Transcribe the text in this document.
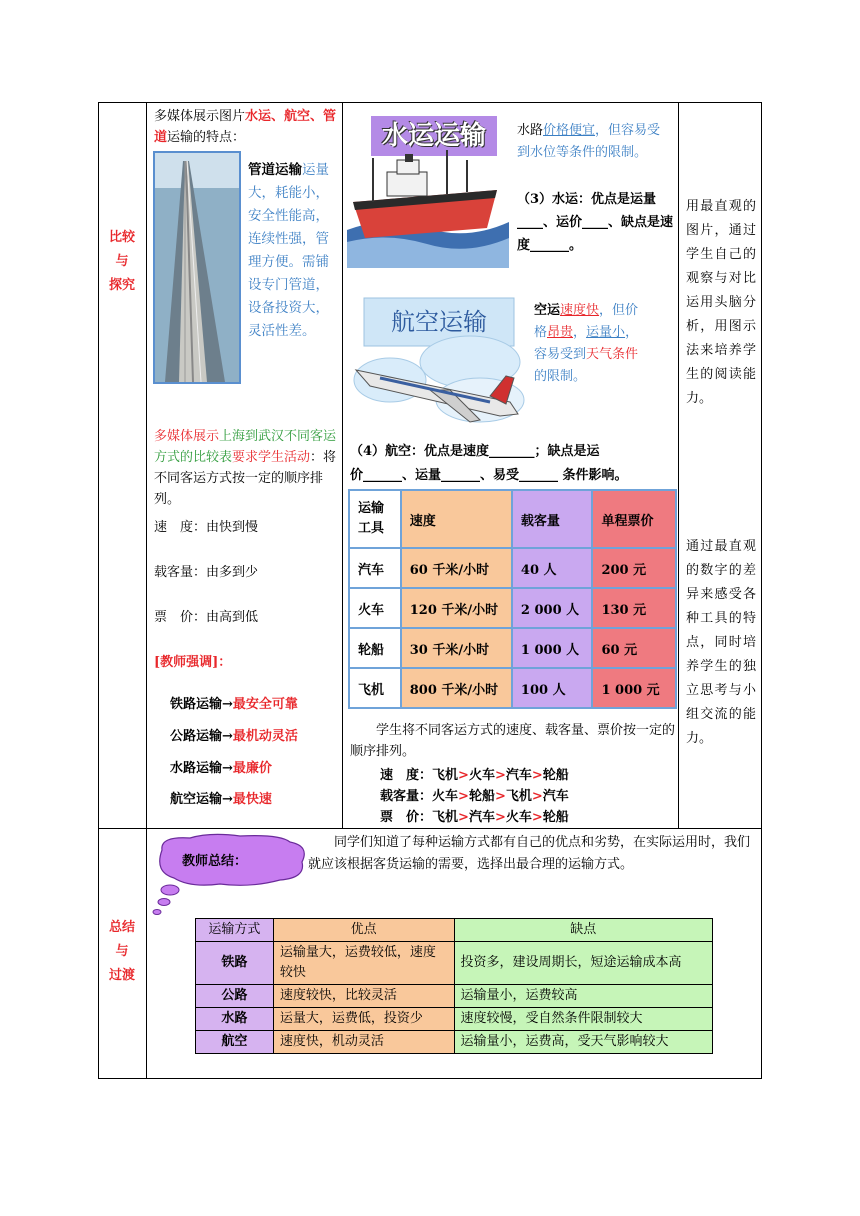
比较
与
探究
总结
与
过渡
多媒体展示图片水运、航空、管道运输的特点：
管道运输运量大，耗能小，安全性能高，连续性强，管理方便。需铺设专门管道，设备投资大，灵活性差。
多媒体展示上海到武汉不同客运方式的比较表要求学生活动：将不同客运方式按一定的顺序排列。
速　度：由快到慢
载客量：由多到少
票　价：由高到低
[教师强调]：
铁路运输→最安全可靠
公路运输→最机动灵活
水路运输→最廉价
航空运输→最快速
水运运输	水路价格便宜，但容易受到水位等条件的限制。
（3）水运：优点是运量____、运价____、缺点是速度______。
航空运输	空运速度快，但价格昂贵，运量小，容易受到天气条件的限制。
（4）航空：优点是速度_______；缺点是运
价______、运量______、易受______ 条件影响。
运输工具	速度	载客量	单程票价
汽车	60 千米/小时	40 人	200 元
火车	120 千米/小时	2 000 人	130 元
轮船	30 千米/小时	1 000 人	60 元
飞机	800 千米/小时	100 人	1 000 元
学生将不同客运方式的速度、载客量、票价按一定的顺序排列。
速　度：飞机>火车>汽车>轮船
载客量：火车>轮船>飞机>汽车
票　价：飞机>汽车>火车>轮船
用最直观的图片，通过学生自己的观察与对比运用头脑分析，用图示法来培养学生的阅读能力。
通过最直观的数字的差异来感受各种工具的特点，同时培养学生的独立思考与小组交流的能力。
教师总结：
同学们知道了每种运输方式都有自己的优点和劣势，在实际运用时，我们就应该根据客货运输的需要，选择出最合理的运输方式。
运输方式	优点	缺点
铁路	运输量大，运费较低，速度较快	投资多，建设周期长，短途运输成本高
公路	速度较快，比较灵活	运输量小，运费较高
水路	运量大，运费低，投资少	速度较慢，受自然条件限制较大
航空	速度快，机动灵活	运输量小，运费高，受天气影响较大
